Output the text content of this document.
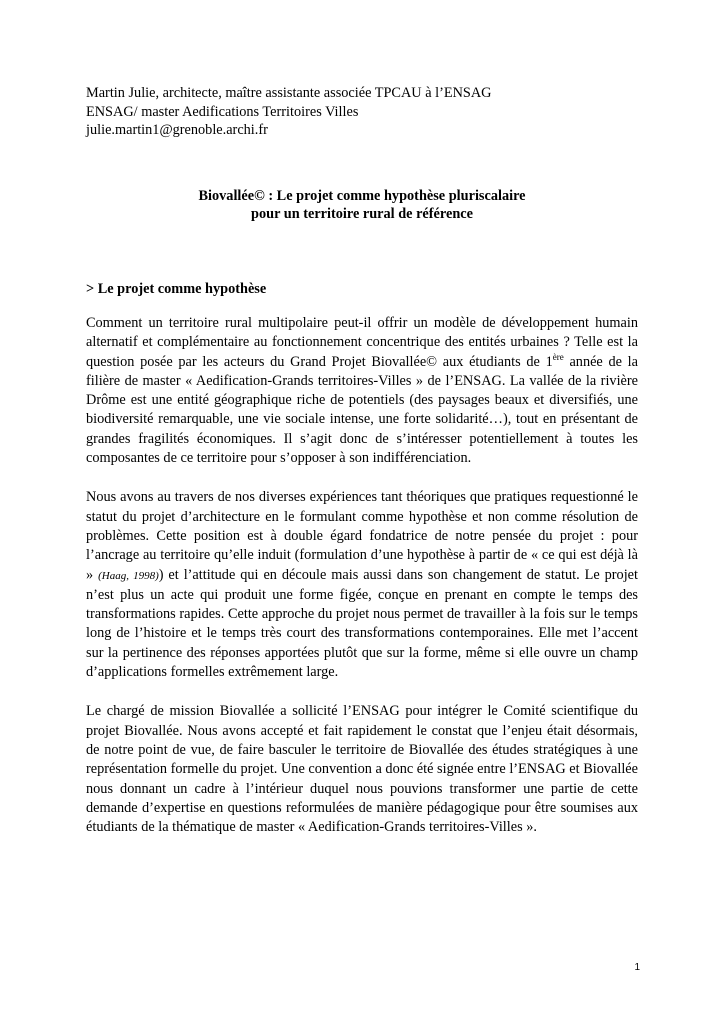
Martin Julie, architecte, maître assistante associée TPCAU à l’ENSAG
ENSAG/ master Aedifications Territoires Villes
julie.martin1@grenoble.archi.fr
Biovallée© : Le projet comme hypothèse pluriscalaire
pour un territoire rural de référence
> Le projet comme hypothèse

Comment un territoire rural multipolaire peut-il offrir un modèle de développement humain alternatif et complémentaire au fonctionnement concentrique des entités urbaines ? Telle est la question posée par les acteurs du Grand Projet Biovallée© aux étudiants de 1ère année de la filière de master « Aedification-Grands territoires-Villes » de l’ENSAG. La vallée de la rivière Drôme est une entité géographique riche de potentiels (des paysages beaux et diversifiés, une biodiversité remarquable, une vie sociale intense, une forte solidarité…), tout en présentant de grandes fragilités économiques. Il s’agit donc de s’intéresser potentiellement à toutes les composantes de ce territoire pour s’opposer à son indifférenciation.

Nous avons au travers de nos diverses expériences tant théoriques que pratiques requestionné le statut du projet d’architecture en le formulant comme hypothèse et non comme résolution de problèmes. Cette position est à double égard fondatrice de notre pensée du projet : pour l’ancrage au territoire qu’elle induit (formulation d’une hypothèse à partir de « ce qui est déjà là » (Haag, 1998)) et l’attitude qui en découle mais aussi dans son changement de statut. Le projet n’est plus un acte qui produit une forme figée, conçue en prenant en compte le temps des transformations rapides. Cette approche du projet nous permet de travailler à la fois sur le temps long de l’histoire et le temps très court des transformations contemporaines. Elle met l’accent sur la pertinence des réponses apportées plutôt que sur la forme, même si elle ouvre un champ d’applications formelles extrêmement large.

Le chargé de mission Biovallée a sollicité l’ENSAG pour intégrer le Comité scientifique du projet Biovallée. Nous avons accepté et fait rapidement le constat que l’enjeu était désormais, de notre point de vue, de faire basculer le territoire de Biovallée des études stratégiques à une représentation formelle du projet. Une convention a donc été signée entre l’ENSAG et Biovallée nous donnant un cadre à l’intérieur duquel nous pouvions transformer une partie de cette demande d’expertise en questions reformulées de manière pédagogique pour être soumises aux étudiants de la thématique de master « Aedification-Grands territoires-Villes ».

1
